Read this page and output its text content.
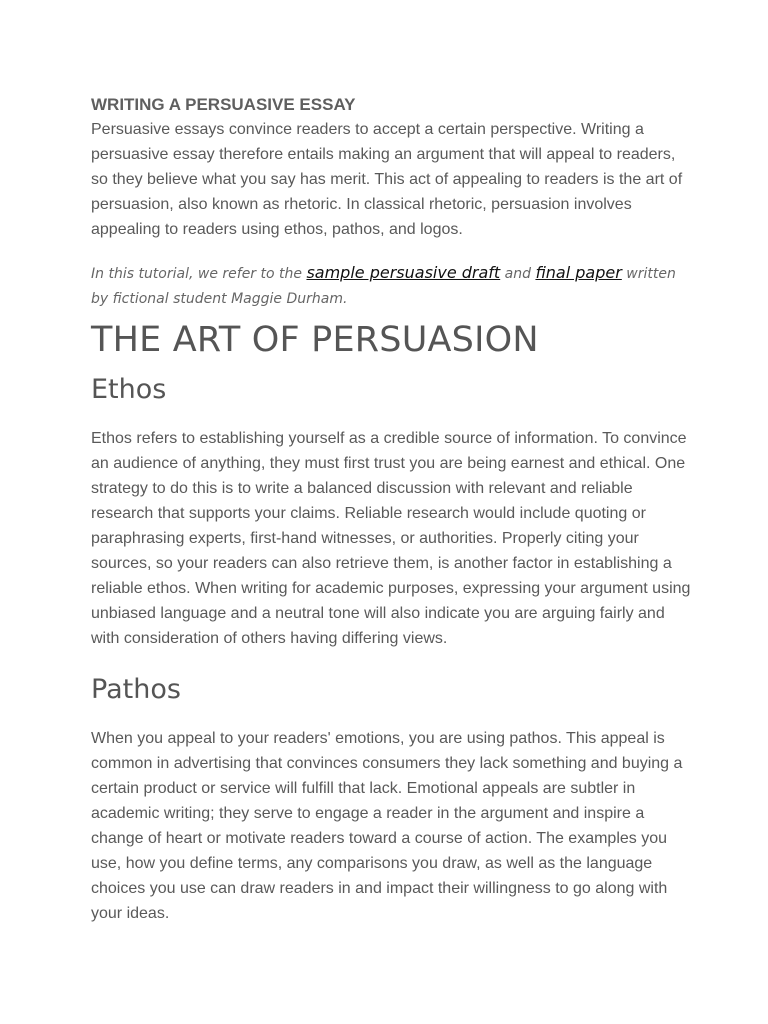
WRITING A PERSUASIVE ESSAY

Persuasive essays convince readers to accept a certain perspective. Writing a persuasive essay therefore entails making an argument that will appeal to readers, so they believe what you say has merit. This act of appealing to readers is the art of persuasion, also known as rhetoric. In classical rhetoric, persuasion involves appealing to readers using ethos, pathos, and logos.

In this tutorial, we refer to the sample persuasive draft and final paper written by fictional student Maggie Durham.

THE ART OF PERSUASION
Ethos

Ethos refers to establishing yourself as a credible source of information. To convince an audience of anything, they must first trust you are being earnest and ethical. One strategy to do this is to write a balanced discussion with relevant and reliable research that supports your claims. Reliable research would include quoting or paraphrasing experts, first-hand witnesses, or authorities. Properly citing your sources, so your readers can also retrieve them, is another factor in establishing a reliable ethos. When writing for academic purposes, expressing your argument using unbiased language and a neutral tone will also indicate you are arguing fairly and with consideration of others having differing views.

Pathos

When you appeal to your readers' emotions, you are using pathos. This appeal is common in advertising that convinces consumers they lack something and buying a certain product or service will fulfill that lack. Emotional appeals are subtler in academic writing; they serve to engage a reader in the argument and inspire a change of heart or motivate readers toward a course of action. The examples you use, how you define terms, any comparisons you draw, as well as the language choices you use can draw readers in and impact their willingness to go along with your ideas.
